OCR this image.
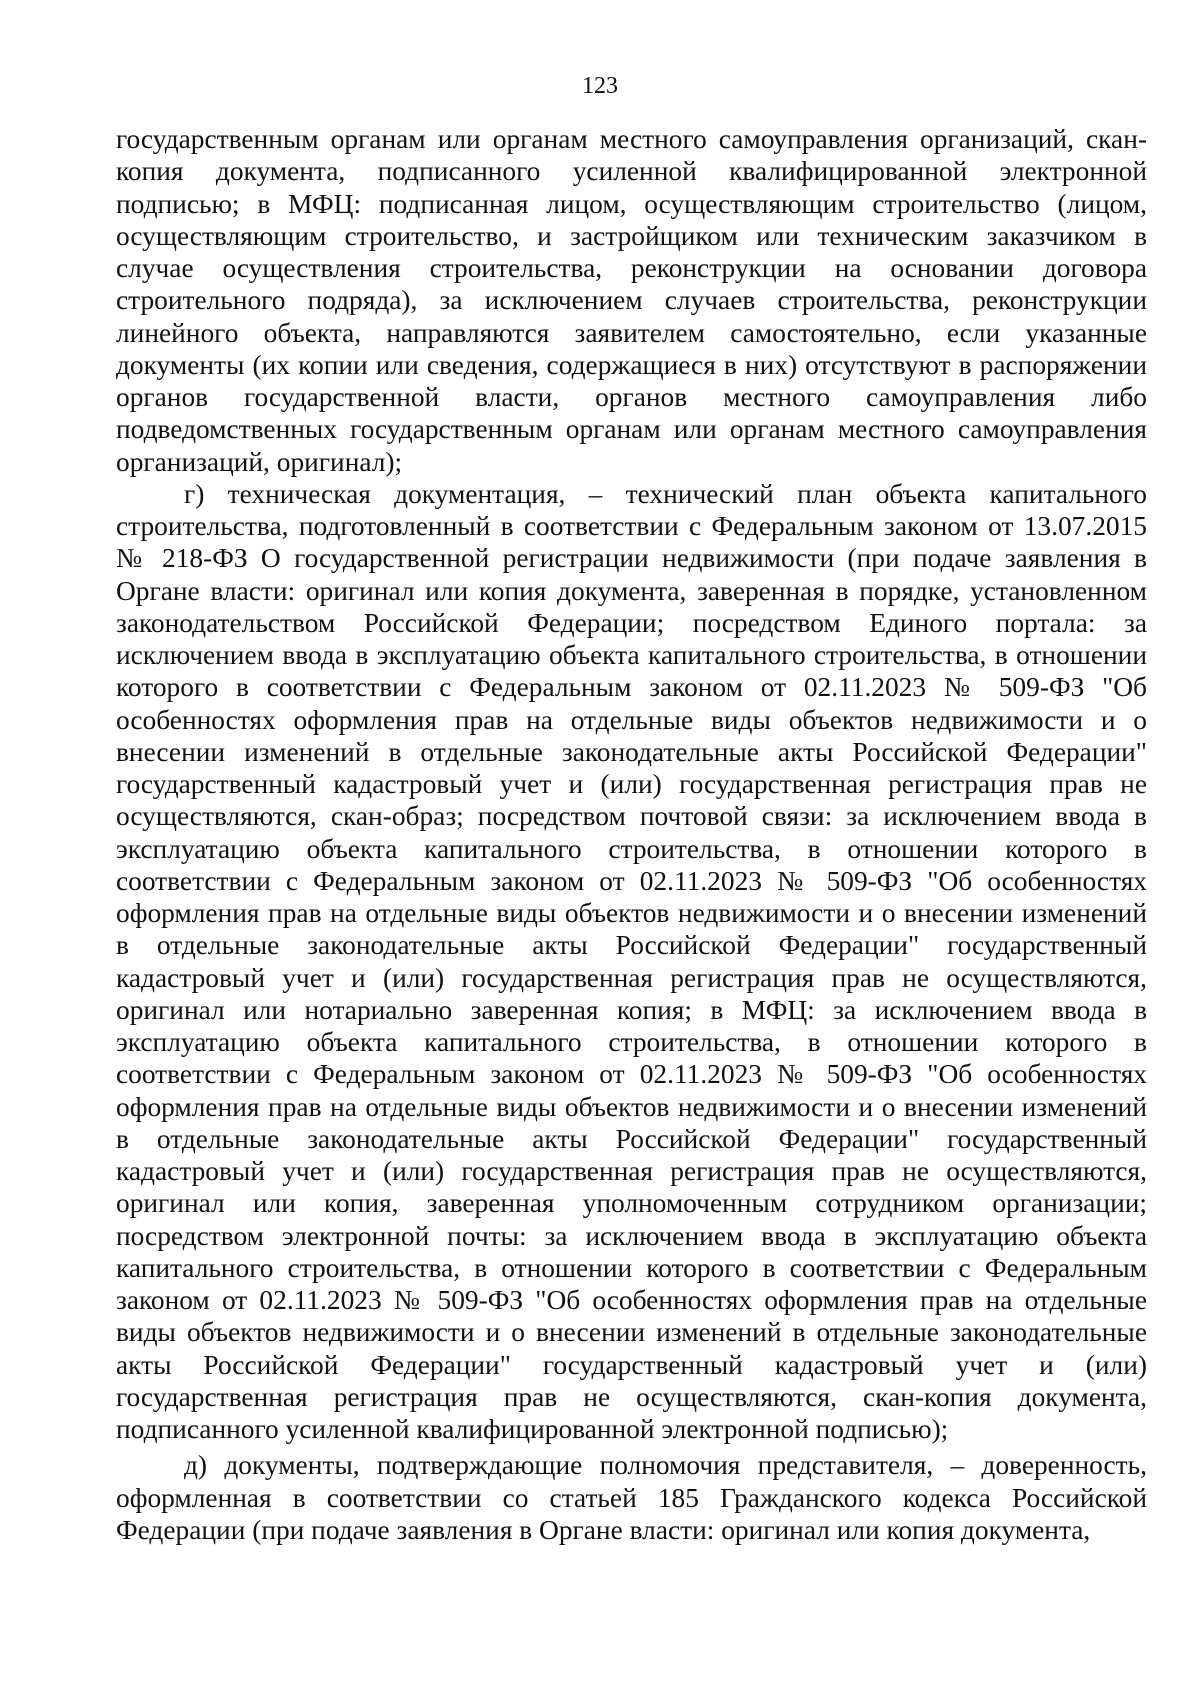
123

государственным органам или органам местного самоуправления организаций, скан-копия документа, подписанного усиленной квалифицированной электронной подписью; в МФЦ: подписанная лицом, осуществляющим строительство (лицом, осуществляющим строительство, и застройщиком или техническим заказчиком в случае осуществления строительства, реконструкции на основании договора строительного подряда), за исключением случаев строительства, реконструкции линейного объекта, направляются заявителем самостоятельно, если указанные документы (их копии или сведения, содержащиеся в них) отсутствуют в распоряжении органов государственной власти, органов местного самоуправления либо подведомственных государственным органам или органам местного самоуправления организаций, оригинал);

г) техническая документация, – технический план объекта капитального строительства, подготовленный в соответствии с Федеральным законом от 13.07.2015 № 218-ФЗ О государственной регистрации недвижимости (при подаче заявления в Органе власти: оригинал или копия документа, заверенная в порядке, установленном законодательством Российской Федерации; посредством Единого портала: за исключением ввода в эксплуатацию объекта капитального строительства, в отношении которого в соответствии с Федеральным законом от 02.11.2023 № 509-ФЗ "Об особенностях оформления прав на отдельные виды объектов недвижимости и о внесении изменений в отдельные законодательные акты Российской Федерации" государственный кадастровый учет и (или) государственная регистрация прав не осуществляются, скан-образ; посредством почтовой связи: за исключением ввода в эксплуатацию объекта капитального строительства, в отношении которого в соответствии с Федеральным законом от 02.11.2023 № 509-ФЗ "Об особенностях оформления прав на отдельные виды объектов недвижимости и о внесении изменений в отдельные законодательные акты Российской Федерации" государственный кадастровый учет и (или) государственная регистрация прав не осуществляются, оригинал или нотариально заверенная копия; в МФЦ: за исключением ввода в эксплуатацию объекта капитального строительства, в отношении которого в соответствии с Федеральным законом от 02.11.2023 № 509-ФЗ "Об особенностях оформления прав на отдельные виды объектов недвижимости и о внесении изменений в отдельные законодательные акты Российской Федерации" государственный кадастровый учет и (или) государственная регистрация прав не осуществляются, оригинал или копия, заверенная уполномоченным сотрудником организации; посредством электронной почты: за исключением ввода в эксплуатацию объекта капитального строительства, в отношении которого в соответствии с Федеральным законом от 02.11.2023 № 509-ФЗ "Об особенностях оформления прав на отдельные виды объектов недвижимости и о внесении изменений в отдельные законодательные акты Российской Федерации" государственный кадастровый учет и (или) государственная регистрация прав не осуществляются, скан-копия документа, подписанного усиленной квалифицированной электронной подписью);

д) документы, подтверждающие полномочия представителя, – доверенность, оформленная в соответствии со статьей 185 Гражданского кодекса Российской Федерации (при подаче заявления в Органе власти: оригинал или копия документа,
